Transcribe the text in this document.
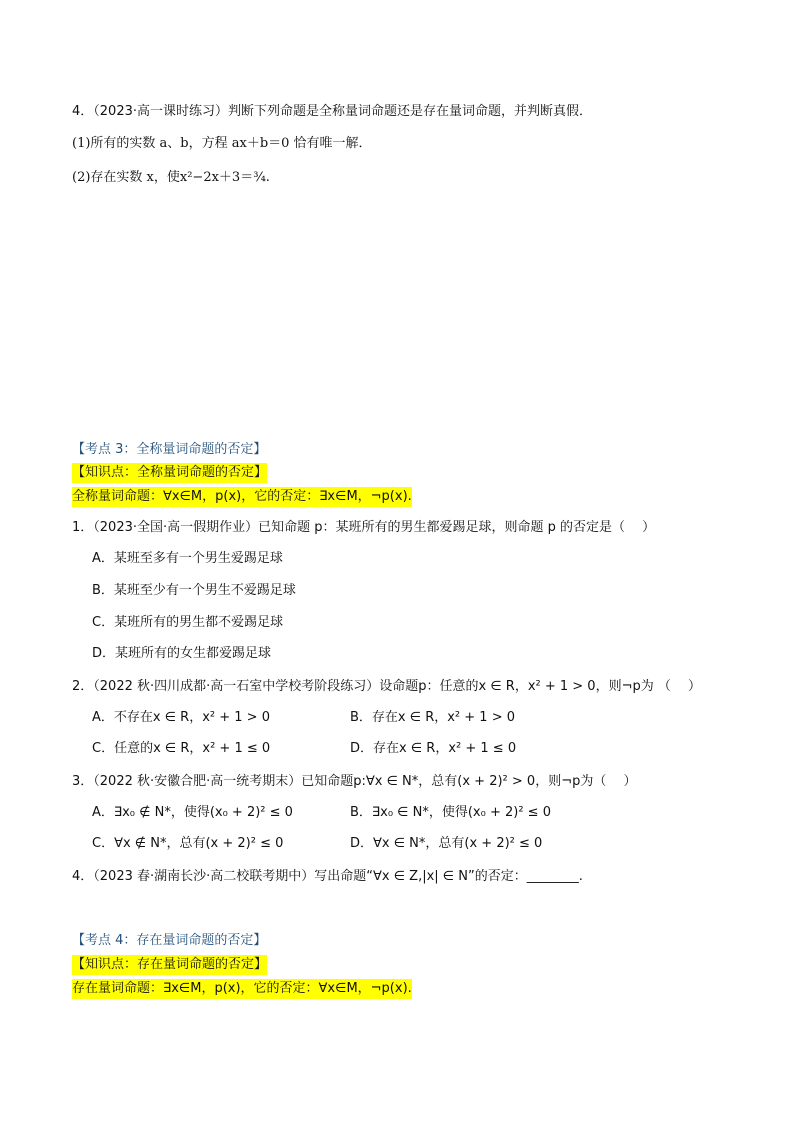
4．（2023·高一课时练习）判断下列命题是全称量词命题还是存在量词命题，并判断真假．
(1)所有的实数 a、b，方程 ax＋b＝0 恰有唯一解．
(2)存在实数 x，使x²−2x＋3＝¾.
【考点 3：全称量词命题的否定】
【知识点：全称量词命题的否定】
全称量词命题：∀x∈M，p(x)，它的否定：∃x∈M，¬p(x).
1．（2023·全国·高一假期作业）已知命题 p：某班所有的男生都爱踢足球，则命题 p 的否定是（　 ）
A．某班至多有一个男生爱踢足球
B．某班至少有一个男生不爱踢足球
C．某班所有的男生都不爱踢足球
D．某班所有的女生都爱踢足球
2．（2022 秋·四川成都·高一石室中学校考阶段练习）设命题p：任意的x ∈ R，x² + 1 > 0，则¬p为 （　 ）
A．不存在x ∈ R，x² + 1 > 0	B．存在x ∈ R，x² + 1 > 0
C．任意的x ∈ R，x² + 1 ≤ 0	D．存在x ∈ R，x² + 1 ≤ 0
3．（2022 秋·安徽合肥·高一统考期末）已知命题p:∀x ∈ N*，总有(x + 2)² > 0，则¬p为（　 ）
A．∃x₀ ∉ N*，使得(x₀ + 2)² ≤ 0	B．∃x₀ ∈ N*，使得(x₀ + 2)² ≤ 0
C．∀x ∉ N*，总有(x + 2)² ≤ 0	D．∀x ∈ N*，总有(x + 2)² ≤ 0
4．（2023 春·湖南长沙·高二校联考期中）写出命题“∀x ∈ Z,|x| ∈ N”的否定：________.
【考点 4：存在量词命题的否定】
【知识点：存在量词命题的否定】
存在量词命题：∃x∈M，p(x)，它的否定：∀x∈M，¬p(x).
